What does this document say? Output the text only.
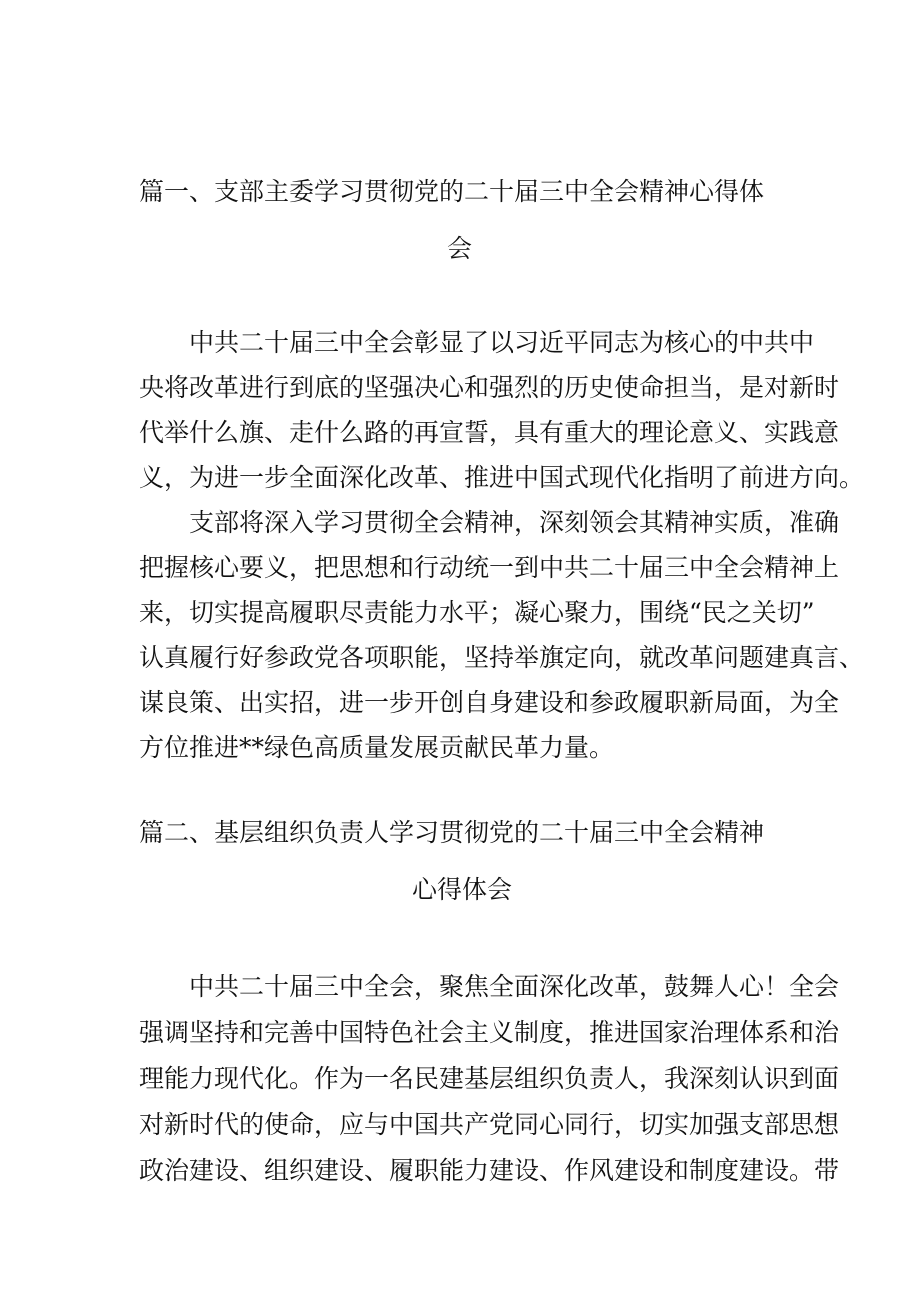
篇一、支部主委学习贯彻党的二十届三中全会精神心得体
会
中共二十届三中全会彰显了以习近平同志为核心的中共中
央将改革进行到底的坚强决心和强烈的历史使命担当，是对新时
代举什么旗、走什么路的再宣誓，具有重大的理论意义、实践意
义，为进一步全面深化改革、推进中国式现代化指明了前进方向。
支部将深入学习贯彻全会精神，深刻领会其精神实质，准确
把握核心要义，把思想和行动统一到中共二十届三中全会精神上
来，切实提高履职尽责能力水平；凝心聚力，围绕“民之关切”
认真履行好参政党各项职能，坚持举旗定向，就改革问题建真言、
谋良策、出实招，进一步开创自身建设和参政履职新局面，为全
方位推进**绿色高质量发展贡献民革力量。
篇二、基层组织负责人学习贯彻党的二十届三中全会精神
心得体会
中共二十届三中全会，聚焦全面深化改革，鼓舞人心！全会
强调坚持和完善中国特色社会主义制度，推进国家治理体系和治
理能力现代化。作为一名民建基层组织负责人，我深刻认识到面
对新时代的使命，应与中国共产党同心同行，切实加强支部思想
政治建设、组织建设、履职能力建设、作风建设和制度建设。带
